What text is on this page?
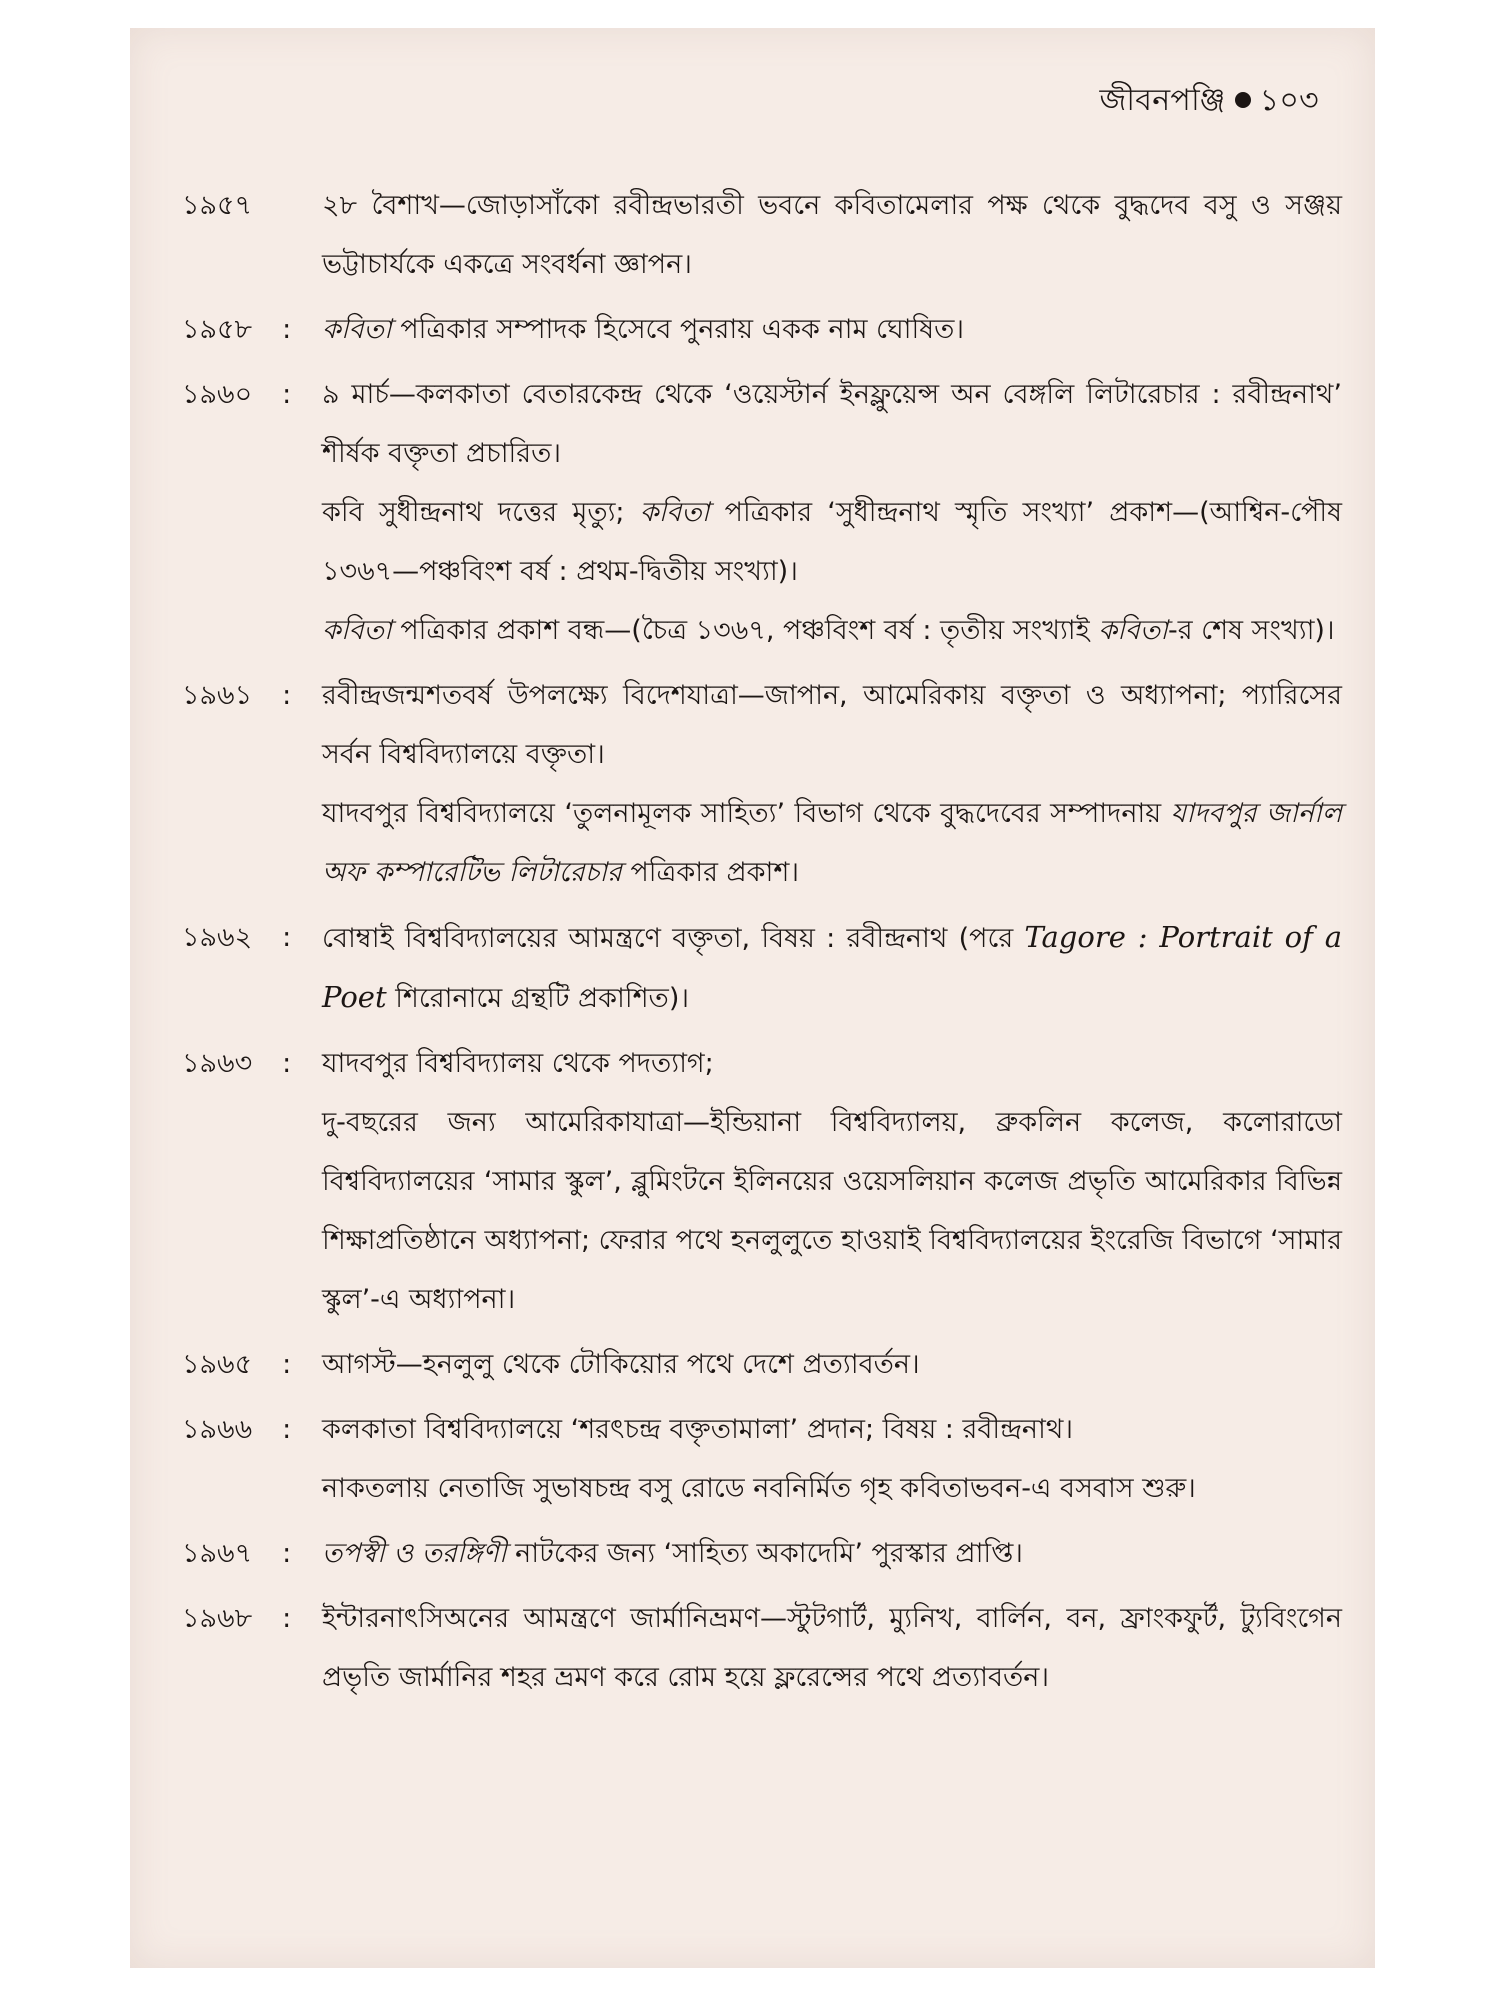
জীবনপঞ্জি ১০৩
১৯৫৭	২৮ বৈশাখ—জোড়াসাঁকো রবীন্দ্রভারতী ভবনে কবিতামেলার পক্ষ থেকে বুদ্ধদেব বসু ও সঞ্জয় ভট্টাচার্যকে একত্রে সংবর্ধনা জ্ঞাপন।

১৯৫৮ :	কবিতা পত্রিকার সম্পাদক হিসেবে পুনরায় একক নাম ঘোষিত।

১৯৬০ :	৯ মার্চ—কলকাতা বেতারকেন্দ্র থেকে ‘ওয়েস্টার্ন ইনফ্লুয়েন্স অন বেঙ্গলি লিটারেচার : রবীন্দ্রনাথ’ শীর্ষক বক্তৃতা প্রচারিত।

কবি সুধীন্দ্রনাথ দত্তের মৃত্যু; কবিতা পত্রিকার ‘সুধীন্দ্রনাথ স্মৃতি সংখ্যা’ প্রকাশ—(আশ্বিন-পৌষ ১৩৬৭—পঞ্চবিংশ বর্ষ : প্রথম-দ্বিতীয় সংখ্যা)।

কবিতা পত্রিকার প্রকাশ বন্ধ—(চৈত্র ১৩৬৭, পঞ্চবিংশ বর্ষ : তৃতীয় সংখ্যাই কবিতা-র শেষ সংখ্যা)।

১৯৬১ :	রবীন্দ্রজন্মশতবর্ষ উপলক্ষ্যে বিদেশযাত্রা—জাপান, আমেরিকায় বক্তৃতা ও অধ্যাপনা; প্যারিসের সর্বন বিশ্ববিদ্যালয়ে বক্তৃতা।

যাদবপুর বিশ্ববিদ্যালয়ে ‘তুলনামূলক সাহিত্য’ বিভাগ থেকে বুদ্ধদেবের সম্পাদনায় যাদবপুর জার্নাল অফ কম্পারেটিভ লিটারেচার পত্রিকার প্রকাশ।

১৯৬২ :	বোম্বাই বিশ্ববিদ্যালয়ের আমন্ত্রণে বক্তৃতা, বিষয় : রবীন্দ্রনাথ (পরে Tagore : Portrait of a Poet শিরোনামে গ্রন্থটি প্রকাশিত)।

১৯৬৩ :	যাদবপুর বিশ্ববিদ্যালয় থেকে পদত্যাগ;

দু-বছরের জন্য আমেরিকাযাত্রা—ইন্ডিয়ানা বিশ্ববিদ্যালয়, ব্রুকলিন কলেজ, কলোরাডো বিশ্ববিদ্যালয়ের ‘সামার স্কুল’, ব্লুমিংটনে ইলিনয়ের ওয়েসলিয়ান কলেজ প্রভৃতি আমেরিকার বিভিন্ন শিক্ষাপ্রতিষ্ঠানে অধ্যাপনা; ফেরার পথে হনলুলুতে হাওয়াই বিশ্ববিদ্যালয়ের ইংরেজি বিভাগে ‘সামার স্কুল’-এ অধ্যাপনা।

১৯৬৫ :	আগস্ট—হনলুলু থেকে টোকিয়োর পথে দেশে প্রত্যাবর্তন।

১৯৬৬ :	কলকাতা বিশ্ববিদ্যালয়ে ‘শরৎচন্দ্র বক্তৃতামালা’ প্রদান; বিষয় : রবীন্দ্রনাথ।

নাকতলায় নেতাজি সুভাষচন্দ্র বসু রোডে নবনির্মিত গৃহ কবিতাভবন-এ বসবাস শুরু।

১৯৬৭ :	তপস্বী ও তরঙ্গিণী নাটকের জন্য ‘সাহিত্য অকাদেমি’ পুরস্কার প্রাপ্তি।

১৯৬৮ :	ইন্টারনাৎসিঅনের আমন্ত্রণে জার্মানিভ্রমণ—স্টুটগার্ট, ম্যুনিখ, বার্লিন, বন, ফ্রাংকফুর্ট, ট্যুবিংগেন প্রভৃতি জার্মানির শহর ভ্রমণ করে রোম হয়ে ফ্লরেন্সের পথে প্রত্যাবর্তন।
